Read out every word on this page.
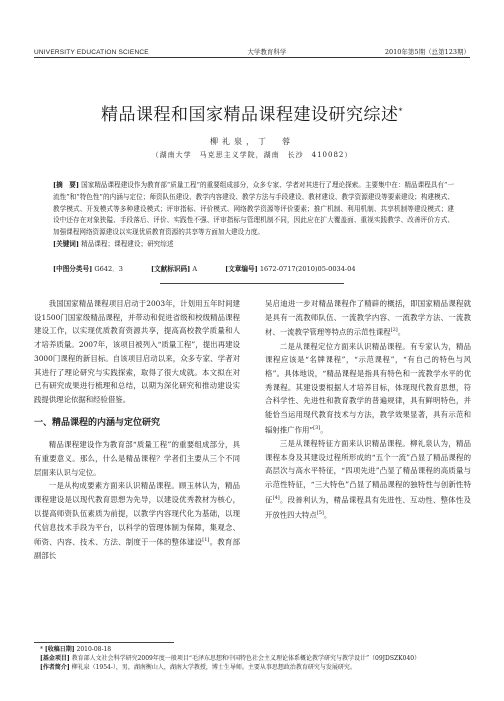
UNIVERSITY EDUCATION SCIENCE	大学教育科学	2010年第5期（总第123期）
精品课程和国家精品课程建设研究综述*
柳礼泉，丁　蓉
（湖南大学　马克思主义学院，湖南　长沙　410082）
[摘　要] 国家精品课程建设作为教育部“质量工程”的重要组成部分，众多专家、学者对其进行了理论探索。主要集中在：精品课程具有“一流性”和“特色性”的内涵与定位；师资队伍建设、教学内容建设、教学方法与手段建设、教材建设、教学资源建设等要素建设；构建模式、教学模式、开发模式等多种建设模式；评审指标、评价模式、网络教学资源等评价要素；推广机制、利用机制、共享机制等建设模式；建设中还存在对象狭隘、手段落后、评价、实践性不强、评审指标与管理机制不同，因此应在扩大覆盖面、重视实践教学、改善评价方式、加强课程网络资源建设以实现优质教育资源的共享等方面加大建设力度。
[关键词] 精品课程；课程建设；研究综述
[中图分类号] G642．3	[文献标识码] A	[文章编号] 1672-0717(2010)05-0034-04

我国国家精品课程项目启动于2003年，计划用五年时间建设1500门国家级精品课程，并带动和促进省级和校级精品课程建设工作，以实现优质教育资源共享，提高高校教学质量和人才培养质量。2007年，该项目被列入“质量工程”，提出再建设3000门课程的新目标。自该项目启动以来，众多专家、学者对其进行了理论研究与实践探索，取得了很大成就。本文拟在对已有研究成果进行梳理和总结，以期为深化研究和推动建设实践提供理论依据和经验借鉴。

一、精品课程的内涵与定位研究

精品课程建设作为教育部“质量工程”的重要组成部分，具有重要意义。那么，什么是精品课程？学者们主要从三个不同层面来认识与定位。

一是从构成要素方面来认识精品课程。顾玉林认为，精品课程建设是以现代教育思想为先导，以建设优秀教材为核心，以提高师资队伍素质为前提，以教学内容现代化为基础，以现代信息技术手段为平台，以科学的管理体制为保障，集观念、师资、内容、技术、方法、制度于一体的整体建设[1]。教育部副部长

吴启迪进一步对精品课程作了精辟的概括，即国家精品课程就是具有一流教师队伍、一流教学内容、一流教学方法、一流教材、一流教学管理等特点的示范性课程[2]。

二是从课程定位方面来认识精品课程。有专家认为，精品课程应该是“名牌课程”，“示范课程”，“有自己的特色与风格”。具体地说，“精品课程是指具有特色和一流教学水平的优秀课程。其建设要根据人才培养目标，体现现代教育思想，符合科学性、先进性和教育教学的普遍规律，具有鲜明特色，并能恰当运用现代教育技术与方法，教学效果显著，具有示范和辐射推广作用”[3]。

三是从课程特征方面来认识精品课程。柳礼泉认为，精品课程本身及其建设过程所形成的“五个一流”凸显了精品课程的高层次与高水平特征，“四项先进”凸显了精品课程的高质量与示范性特征，“三大特色”凸显了精品课程的独特性与创新性特征[4]。段善利认为，精品课程具有先进性、互动性、整体性及开放性四大特点[5]。

* [收稿日期] 2010-08-18
[基金项目] 教育部人文社会科学研究2009年度一般项目“毛泽东思想和中国特色社会主义理论体系概论教学研究与教学设计”（09JDSZK040）
[作者简介] 柳礼泉（1954-），男，湖南衡山人，湖南大学教授，博士生导师。主要从事思想政治教育研究与发展研究。
